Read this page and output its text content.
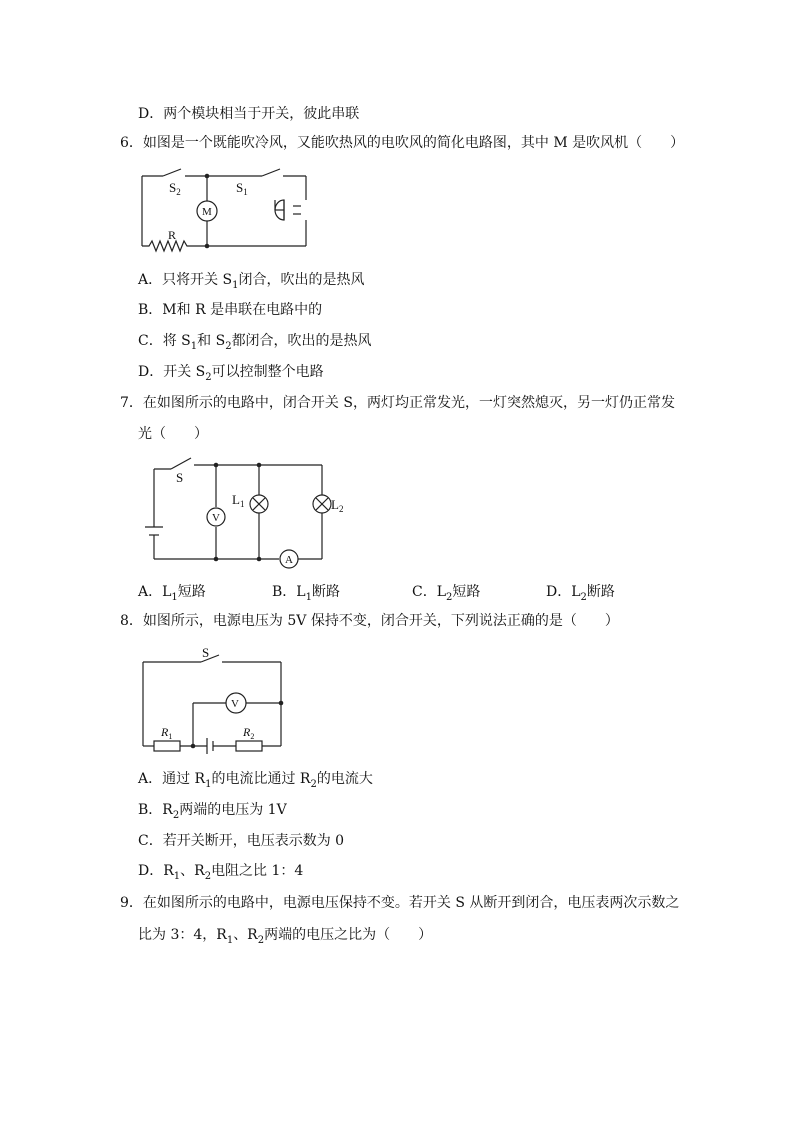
D．两个模块相当于开关，彼此串联
6．如图是一个既能吹冷风，又能吹热风的电吹风的简化电路图，其中 M 是吹风机（　　）
$S_2$	$S_1$
M
R
A．只将开关 $S_1$闭合，吹出的是热风
B．M和 R 是串联在电路中的
C．将 $S_1$和 $S_2$都闭合，吹出的是热风
D．开关 $S_2$可以控制整个电路
7．在如图所示的电路中，闭合开关 S，两灯均正常发光，一灯突然熄灭，另一灯仍正常发
光（　　）
S
V
$L_1$	$L_2$
A
A．$L_1$短路	B．$L_1$断路	C．$L_2$短路	D．$L_2$断路
8．如图所示，电源电压为 5V 保持不变，闭合开关，下列说法正确的是（　　）
S
V
$R_1$	$R_2$
A．通过 $R_1$的电流比通过 $R_2$的电流大
B．$R_2$两端的电压为 1V
C．若开关断开，电压表示数为 0
D．$R_1$、$R_2$电阻之比 1：4
9．在如图所示的电路中，电源电压保持不变。若开关 S 从断开到闭合，电压表两次示数之
比为 3：4，$R_1$、$R_2$两端的电压之比为（　　）
